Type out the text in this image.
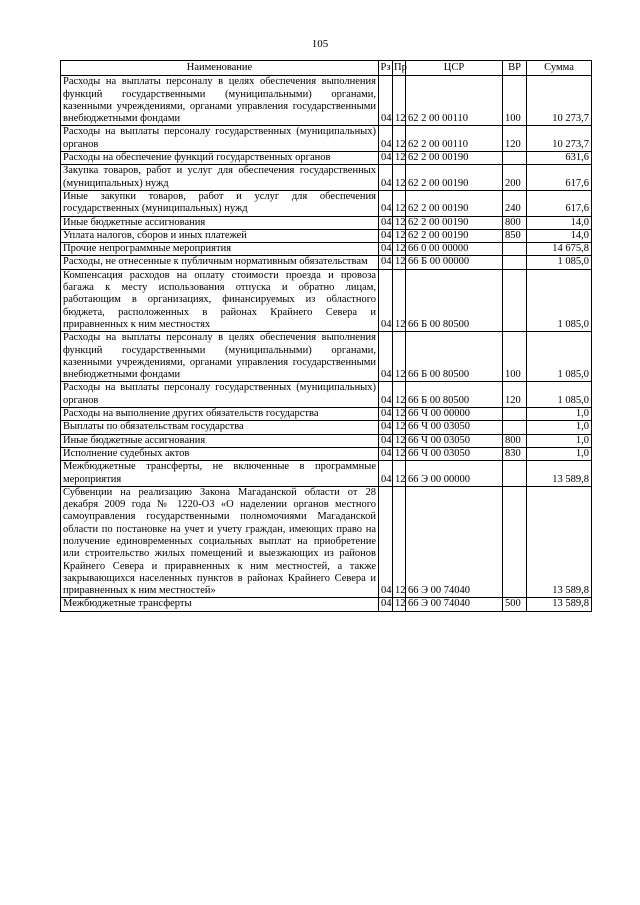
105
Наименование	Рз	Пр	ЦСР	ВР	Сумма
Расходы на выплаты персоналу в целях обеспечения выполнения функций государственными (муниципальными) органами, казенными учреждениями, органами управления государственными внебюджетными фондами	04	12	62 2 00 00110	100	10 273,7
Расходы на выплаты персоналу государственных (муниципальных) органов	04	12	62 2 00 00110	120	10 273,7
Расходы на обеспечение функций государственных органов	04	12	62 2 00 00190		631,6
Закупка товаров, работ и услуг для обеспечения государственных (муниципальных) нужд	04	12	62 2 00 00190	200	617,6
Иные закупки товаров, работ и услуг для обеспечения государственных (муниципальных) нужд	04	12	62 2 00 00190	240	617,6
Иные бюджетные ассигнования	04	12	62 2 00 00190	800	14,0
Уплата налогов, сборов и иных платежей	04	12	62 2 00 00190	850	14,0
Прочие непрограммные мероприятия	04	12	66 0 00 00000		14 675,8
Расходы, не отнесенные к публичным нормативным обязательствам	04	12	66 Б 00 00000		1 085,0
Компенсация расходов на оплату стоимости проезда и провоза багажа к месту использования отпуска и обратно лицам, работающим в организациях, финансируемых из областного бюджета, расположенных в районах Крайнего Севера и приравненных к ним местностях	04	12	66 Б 00 80500		1 085,0
Расходы на выплаты персоналу в целях обеспечения выполнения функций государственными (муниципальными) органами, казенными учреждениями, органами управления государственными внебюджетными фондами	04	12	66 Б 00 80500	100	1 085,0
Расходы на выплаты персоналу государственных (муниципальных) органов	04	12	66 Б 00 80500	120	1 085,0
Расходы на выполнение других обязательств государства	04	12	66 Ч 00 00000		1,0
Выплаты по обязательствам государства	04	12	66 Ч 00 03050		1,0
Иные бюджетные ассигнования	04	12	66 Ч 00 03050	800	1,0
Исполнение судебных актов	04	12	66 Ч 00 03050	830	1,0
Межбюджетные трансферты, не включенные в программные мероприятия	04	12	66 Э 00 00000		13 589,8
Субвенции на реализацию Закона Магаданской области от 28 декабря 2009 года № 1220-ОЗ «О наделении органов местного самоуправления государственными полномочиями Магаданской области по постановке на учет и учету граждан, имеющих право на получение единовременных социальных выплат на приобретение или строительство жилых помещений и выезжающих из районов Крайнего Севера и приравненных к ним местностей, а также закрывающихся населенных пунктов в районах Крайнего Севера и приравненных к ним местностей»	04	12	66 Э 00 74040		13 589,8
Межбюджетные трансферты	04	12	66 Э 00 74040	500	13 589,8
